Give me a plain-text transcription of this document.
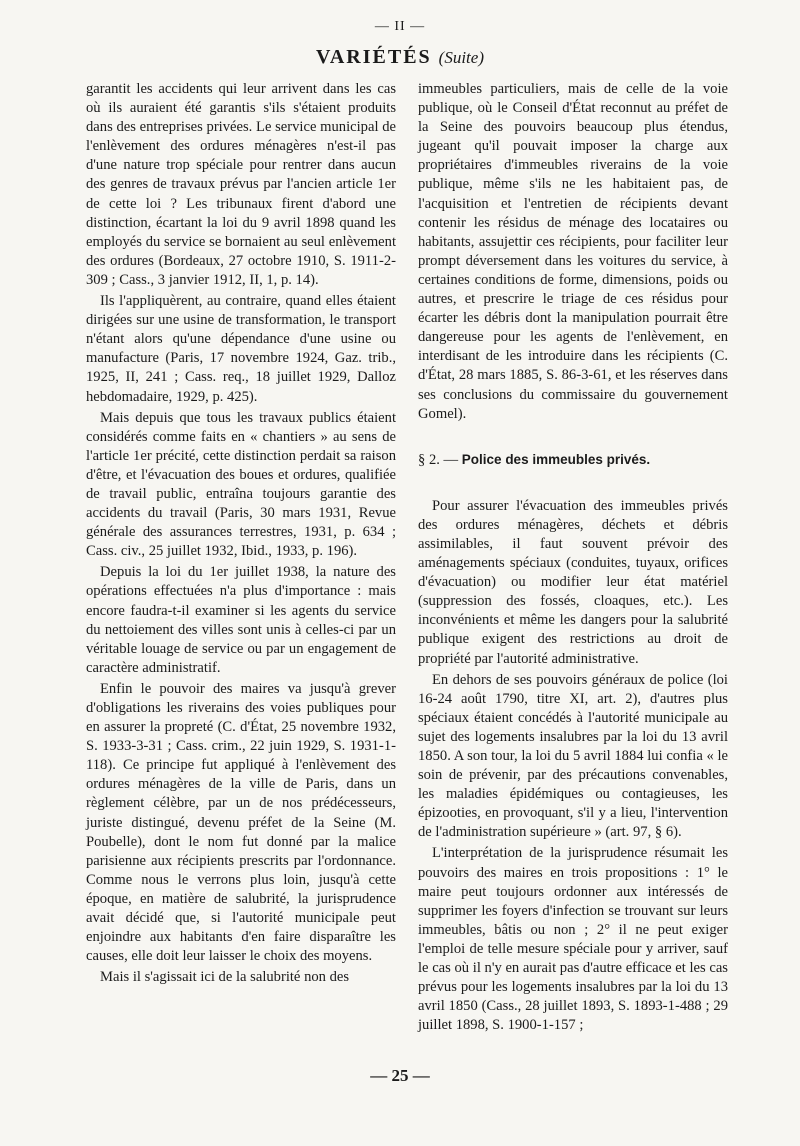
— II —
VARIÉTÉS (Suite)

garantit les accidents qui leur arrivent dans les cas où ils auraient été garantis s'ils s'étaient produits dans des entreprises privées. Le service municipal de l'enlèvement des ordures ménagères n'est-il pas d'une nature trop spéciale pour rentrer dans aucun des genres de travaux prévus par l'ancien article 1er de cette loi ? Les tribunaux firent d'abord une distinction, écartant la loi du 9 avril 1898 quand les employés du service se bornaient au seul enlèvement des ordures (Bordeaux, 27 octobre 1910, S. 1911-2-309 ; Cass., 3 janvier 1912, II, 1, p. 14).

Ils l'appliquèrent, au contraire, quand elles étaient dirigées sur une usine de transformation, le transport n'étant alors qu'une dépendance d'une usine ou manufacture (Paris, 17 novembre 1924, Gaz. trib., 1925, II, 241 ; Cass. req., 18 juillet 1929, Dalloz hebdomadaire, 1929, p. 425).

Mais depuis que tous les travaux publics étaient considérés comme faits en « chantiers » au sens de l'article 1er précité, cette distinction perdait sa raison d'être, et l'évacuation des boues et ordures, qualifiée de travail public, entraîna toujours garantie des accidents du travail (Paris, 30 mars 1931, Revue générale des assurances terrestres, 1931, p. 634 ; Cass. civ., 25 juillet 1932, Ibid., 1933, p. 196).

Depuis la loi du 1er juillet 1938, la nature des opérations effectuées n'a plus d'importance : mais encore faudra-t-il examiner si les agents du service du nettoiement des villes sont unis à celles-ci par un véritable louage de service ou par un engagement de caractère administratif.

Enfin le pouvoir des maires va jusqu'à grever d'obligations les riverains des voies publiques pour en assurer la propreté (C. d'État, 25 novembre 1932, S. 1933-3-31 ; Cass. crim., 22 juin 1929, S. 1931-1-118). Ce principe fut appliqué à l'enlèvement des ordures ménagères de la ville de Paris, dans un règlement célèbre, par un de nos prédécesseurs, juriste distingué, devenu préfet de la Seine (M. Poubelle), dont le nom fut donné par la malice parisienne aux récipients prescrits par l'ordonnance. Comme nous le verrons plus loin, jusqu'à cette époque, en matière de salubrité, la jurisprudence avait décidé que, si l'autorité municipale peut enjoindre aux habitants d'en faire disparaître les causes, elle doit leur laisser le choix des moyens.

Mais il s'agissait ici de la salubrité non des

immeubles particuliers, mais de celle de la voie publique, où le Conseil d'État reconnut au préfet de la Seine des pouvoirs beaucoup plus étendus, jugeant qu'il pouvait imposer la charge aux propriétaires d'immeubles riverains de la voie publique, même s'ils ne les habitaient pas, de l'acquisition et l'entretien de récipients devant contenir les résidus de ménage des locataires ou habitants, assujettir ces récipients, pour faciliter leur prompt déversement dans les voitures du service, à certaines conditions de forme, dimensions, poids ou autres, et prescrire le triage de ces résidus pour écarter les débris dont la manipulation pourrait être dangereuse pour les agents de l'enlèvement, en interdisant de les introduire dans les récipients (C. d'État, 28 mars 1885, S. 86-3-61, et les réserves dans ses conclusions du commissaire du gouvernement Gomel).

§ 2. — Police des immeubles privés.

Pour assurer l'évacuation des immeubles privés des ordures ménagères, déchets et débris assimilables, il faut souvent prévoir des aménagements spéciaux (conduites, tuyaux, orifices d'évacuation) ou modifier leur état matériel (suppression des fossés, cloaques, etc.). Les inconvénients et même les dangers pour la salubrité publique exigent des restrictions au droit de propriété par l'autorité administrative.

En dehors de ses pouvoirs généraux de police (loi 16-24 août 1790, titre XI, art. 2), d'autres plus spéciaux étaient concédés à l'autorité municipale au sujet des logements insalubres par la loi du 13 avril 1850. A son tour, la loi du 5 avril 1884 lui confia « le soin de prévenir, par des précautions convenables, les maladies épidémiques ou contagieuses, les épizooties, en provoquant, s'il y a lieu, l'intervention de l'administration supérieure » (art. 97, § 6).

L'interprétation de la jurisprudence résumait les pouvoirs des maires en trois propositions : 1° le maire peut toujours ordonner aux intéressés de supprimer les foyers d'infection se trouvant sur leurs immeubles, bâtis ou non ; 2° il ne peut exiger l'emploi de telle mesure spéciale pour y arriver, sauf le cas où il n'y en aurait pas d'autre efficace et les cas prévus pour les logements insalubres par la loi du 13 avril 1850 (Cass., 28 juillet 1893, S. 1893-1-488 ; 29 juillet 1898, S. 1900-1-157 ;

— 25 —
